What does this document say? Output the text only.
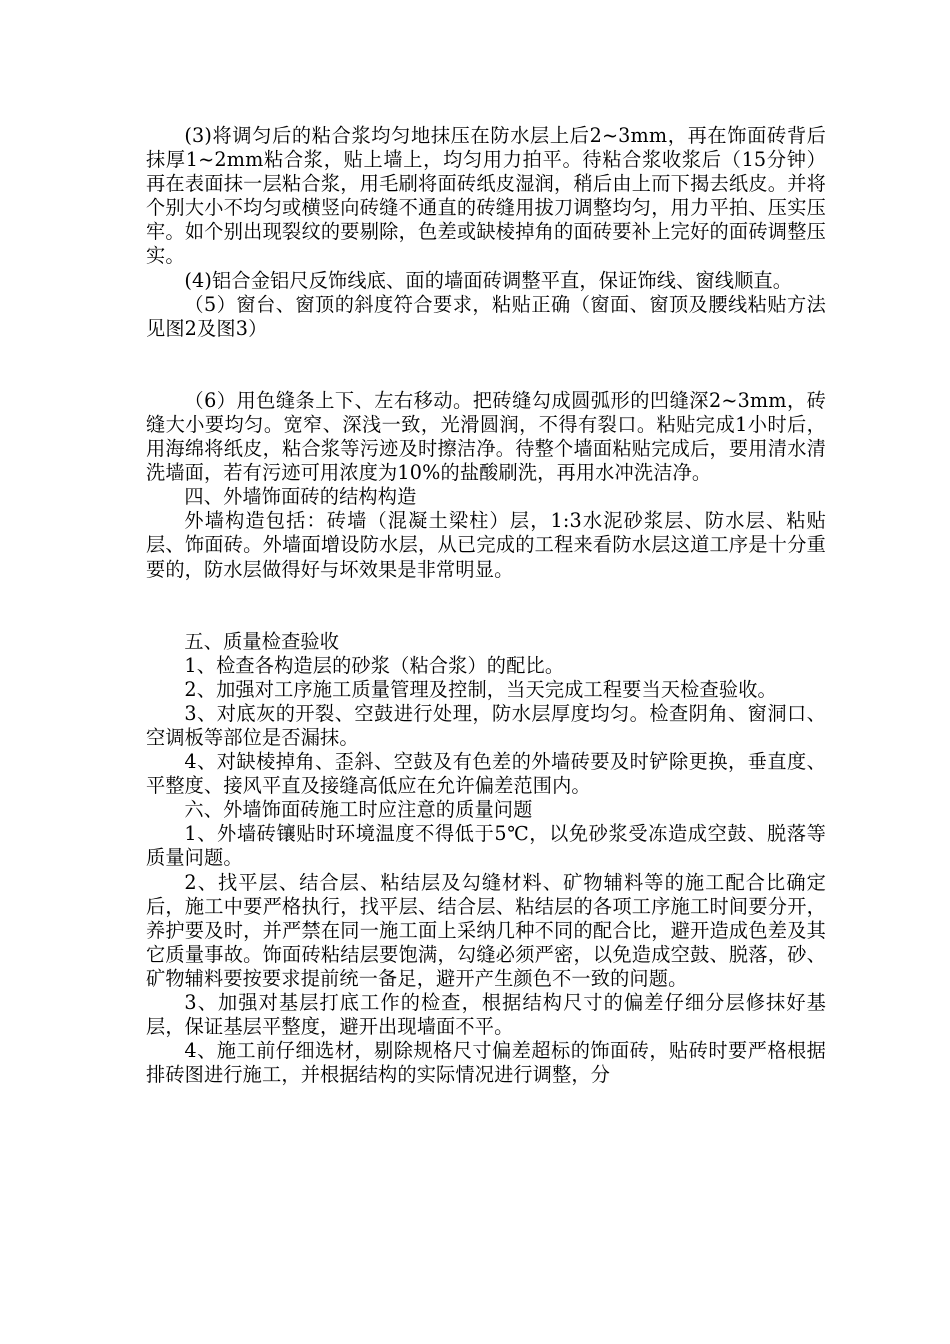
(3)将调匀后的粘合浆均匀地抹压在防水层上后2~3mm，再在饰面砖背后抹厚1~2mm粘合浆，贴上墙上，均匀用力拍平。待粘合浆收浆后（15分钟）再在表面抹一层粘合浆，用毛刷将面砖纸皮湿润，稍后由上而下揭去纸皮。并将个别大小不均匀或横竖向砖缝不通直的砖缝用拔刀调整均匀，用力平拍、压实压牢。如个别出现裂纹的要剔除，色差或缺棱掉角的面砖要补上完好的面砖调整压实。

(4)铝合金铝尺反饰线底、面的墙面砖调整平直，保证饰线、窗线顺直。

（5）窗台、窗顶的斜度符合要求，粘贴正确（窗面、窗顶及腰线粘贴方法见图2及图3）

（6）用色缝条上下、左右移动。把砖缝勾成圆弧形的凹缝深2~3mm，砖缝大小要均匀。宽窄、深浅一致，光滑圆润，不得有裂口。粘贴完成1小时后，用海绵将纸皮，粘合浆等污迹及时擦洁净。待整个墙面粘贴完成后，要用清水清洗墙面，若有污迹可用浓度为10%的盐酸刷洗，再用水冲洗洁净。

四、外墙饰面砖的结构构造

外墙构造包括：砖墙（混凝土梁柱）层，1:3水泥砂浆层、防水层、粘贴层、饰面砖。外墙面增设防水层，从已完成的工程来看防水层这道工序是十分重要的，防水层做得好与坏效果是非常明显。

五、质量检查验收

1、检查各构造层的砂浆（粘合浆）的配比。

2、加强对工序施工质量管理及控制，当天完成工程要当天检查验收。

3、对底灰的开裂、空鼓进行处理，防水层厚度均匀。检查阴角、窗洞口、空调板等部位是否漏抹。

4、对缺棱掉角、歪斜、空鼓及有色差的外墙砖要及时铲除更换，垂直度、平整度、接风平直及接缝高低应在允许偏差范围内。

六、外墙饰面砖施工时应注意的质量问题

1、外墙砖镶贴时环境温度不得低于5℃，以免砂浆受冻造成空鼓、脱落等质量问题。

2、找平层、结合层、粘结层及勾缝材料、矿物辅料等的施工配合比确定后，施工中要严格执行，找平层、结合层、粘结层的各项工序施工时间要分开，养护要及时，并严禁在同一施工面上采纳几种不同的配合比，避开造成色差及其它质量事故。饰面砖粘结层要饱满，勾缝必须严密，以免造成空鼓、脱落，砂、矿物辅料要按要求提前统一备足，避开产生颜色不一致的问题。

3、加强对基层打底工作的检查，根据结构尺寸的偏差仔细分层修抹好基层，保证基层平整度，避开出现墙面不平。

4、施工前仔细选材，剔除规格尺寸偏差超标的饰面砖，贴砖时要严格根据排砖图进行施工，并根据结构的实际情况进行调整，分
